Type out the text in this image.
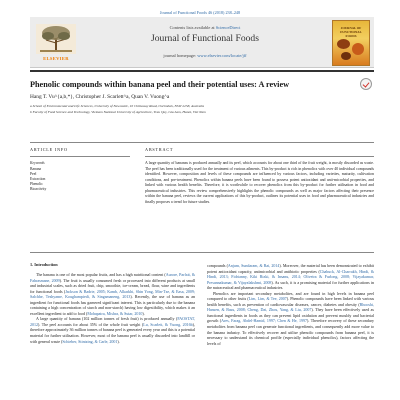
Journal of Functional Foods 46 (2018) 238–248
ELSEVIER
Contents lists available at ScienceDirect
Journal of Functional Foods
journal homepage: www.elsevier.com/locate/jff
JOURNAL OF FUNCTIONAL FOODS
Phenolic compounds within banana peel and their potential uses: A review
Hang T. Vu^{a,b,*}, Christopher J. Scarlett^a, Quan V. Vuong^a
a School of Environmental and Life Sciences, University of Newcastle, 10 Chittaway Road, Ourimbah, NSW 2258, Australia
b Faculty of Food Science and Technology, Vietnam National University of Agriculture, Trau Quy, Gia Lam, Hanoi, Viet Nam
ARTICLE INFO	ABSTRACT
Keywords
Banana
Peel
Extraction
Phenolic
Bioactivity
A large quantity of bananas is produced annually and its peel, which accounts for about one third of the fruit weight, is mostly discarded as waste. The peel has been traditionally used for the treatment of various ailments. This by-product is rich in phenolics with over 40 individual compounds identified. However, composition and levels of these compounds are influenced by various factors, including varieties, maturity, cultivation conditions, and pre-treatment. Phenolics within banana peels have been found to possess potent antioxidant and anti-microbial properties, and linked with various health benefits. Therefore, it is worthwhile to recover phenolics from this by-product for further utilisation in food and pharmaceutical industries. This review comprehensively highlights the phenolic compounds as well as major factors affecting their presence within the banana peel, reviews the current applications of this by-product, outlines its potential uses in food and pharmaceutical industries and finally proposes a trend for future studies.
1. Introduction

The banana is one of the most popular fruits, and has a high nutritional content (Aurore, Parfait, & Fahrasmane, 2009). The fruit is usually consumed fresh or processed into different products at small and industrial scales, such as dried fruit, chip, smoothie, ice-cream, bread, flour, wine and ingredients for functional foods (Jackson & Badrie, 2005; Kamb, Alkarkhi, Shin Yong, Min-Tze, & Easa, 2009; Salchhe, Teshyame, Koughampiedi, & Singamaneng, 2013). Recently, the use of banana as an ingredient for functional foods has garnered significant interest. This is particularly due to the banana containing a high concentration of starch and non-starch) having low digestibility, which makes it an excellent ingredient to add to food (Mohapatra, Mishra, & Sutar, 2010).

A large quantity of banana (102 million tonnes of fresh fruit) is produced annually (FAOSTAT, 2012). The peel accounts for about 35% of the whole fruit weight (Lu, Scarlett, & Vuong, 2016b), therefore approximately 36 million tonnes of banana peel is generated every year and this is a potential material for further utilisation. However, most of the banana peel is usually discarded into landfill or with general waste (Schieber, Stintzing, & Carle, 2001).

compounds (Anjum, Sundaram, & Rai, 2014). Moreover, the material has been demonstrated to exhibit potent antioxidant capacity, antimicrobial and antibiotic properties (Chabuck, Al-Charrakh, Hindi, & Hindi, 2013; Fidrianny, Kiki Rizki, & Insanu, 2014; Oliveira & Furlong, 2008; Vijayakumar, Presannakumar, & Vijayalakshmi, 2008). As such, it is a promising material for further applications in the nutraceutical and pharmaceutical industries.

Phenolics are important secondary metabolites, and are found in high levels in banana peel compared to other fruits (Lim, Lim, & Tee, 2007). Phenolic compounds have been linked with various health benefits, such as prevention of cardiovascular diseases, cancer, diabetes and obesity (Bhooshi, Hansen, & Basu, 2008; Cheng, Dai, Zhou, Yang, & Liu, 2007). They have been effectively used as functional ingredients in foods as they can prevent lipid oxidation and prevent mouldy and bacterial growth (Ares, Farag, Abdel-Hamid, 1997; Chen & He, 1997). Therefore recovery of these secondary metabolites from banana peel can generate functional ingredients, and consequently add more value to the banana industry. To effectively recover and utilise phenolic compounds from banana peel, it is necessary to understand its chemical profile (especially individual phenolics), factors affecting the levels of
